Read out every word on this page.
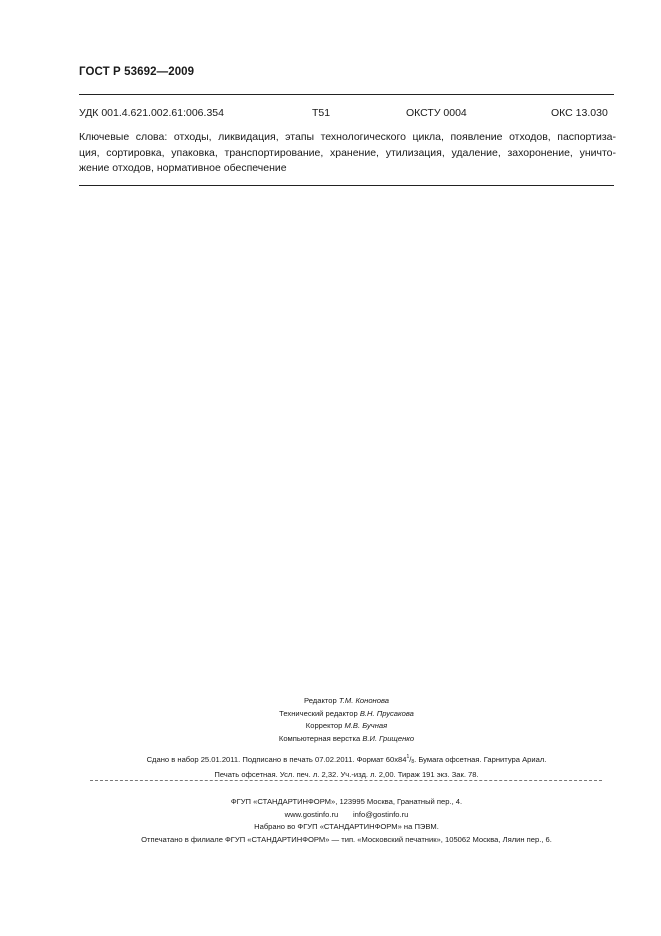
ГОСТ Р 53692—2009
УДК 001.4.621.002.61:006.354	T51	ОКСТУ 0004	ОКС 13.030
Ключевые слова: отходы, ликвидация, этапы технологического цикла, появление отходов, паспортиза-
ция, сортировка, упаковка, транспортирование, хранение, утилизация, удаление, захоронение, уничто-
жение отходов, нормативное обеспечение
Редактор Т.М. Кононова
Технический редактор В.Н. Прусакова
Корректор М.В. Бучная
Компьютерная верстка В.И. Грищенко
Сдано в набор 25.01.2011. Подписано в печать 07.02.2011. Формат $60x84^1/_8$. Бумага офсетная. Гарнитура Ариал.
Печать офсетная. Усл. печ. л. 2,32. Уч.-изд. л. 2,00. Тираж 191 экз. Зак. 78.
ФГУП «СТАНДАРТИНФОРМ», 123995 Москва, Гранатный пер., 4.
www.gostinfo.ru info@gostinfo.ru
Набрано во ФГУП «СТАНДАРТИНФОРМ» на ПЭВМ.
Отпечатано в филиале ФГУП «СТАНДАРТИНФОРМ» — тип. «Московский печатник», 105062 Москва, Лялин пер., 6.
